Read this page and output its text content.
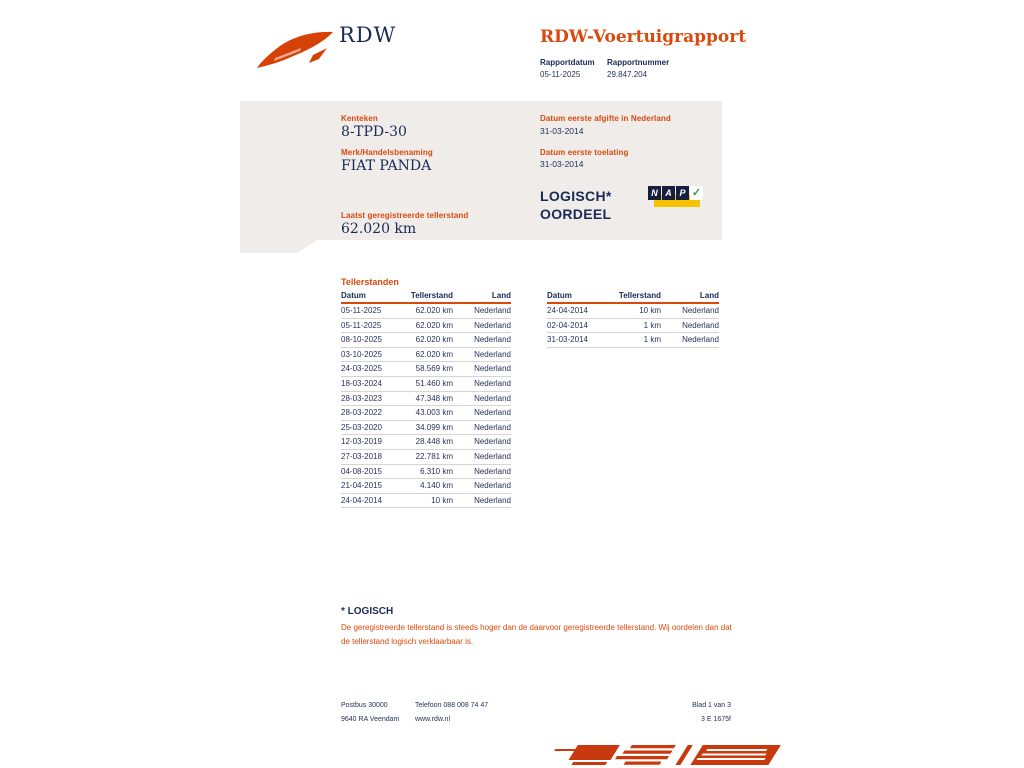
RDW	RDW-Voertuigrapport
Rapportdatum
05-11-2025
Rapportnummer
29.847.204
Kenteken
8-TPD-30
Merk/Handelsbenaming
FIAT PANDA
Laatst geregistreerde tellerstand
62.020 km
Datum eerste afgifte in Nederland
31-03-2014
Datum eerste toelating
31-03-2014
LOGISCH*
OORDEEL
N A P ✓
Tellerstanden
Datum	Tellerstand	Land
05-11-2025	62.020 km	Nederland
05-11-2025	62.020 km	Nederland
08-10-2025	62.020 km	Nederland
03-10-2025	62.020 km	Nederland
24-03-2025	58.569 km	Nederland
18-03-2024	51.460 km	Nederland
28-03-2023	47.348 km	Nederland
28-03-2022	43.003 km	Nederland
25-03-2020	34.099 km	Nederland
12-03-2019	28.448 km	Nederland
27-03-2018	22.781 km	Nederland
04-08-2015	6.310 km	Nederland
21-04-2015	4.140 km	Nederland
24-04-2014	10 km	Nederland
Datum	Tellerstand	Land
24-04-2014	10 km	Nederland
02-04-2014	1 km	Nederland
31-03-2014	1 km	Nederland
* LOGISCH
De geregistreerde tellerstand is steeds hoger dan de daarvoor geregistreerde tellerstand. Wij oordelen dan dat de tellerstand logisch verklaarbaar is.
Postbus 30000
9640 RA Veendam
Telefoon 088 008 74 47
www.rdw.nl
Blad 1 van 3
3 E 1675f
